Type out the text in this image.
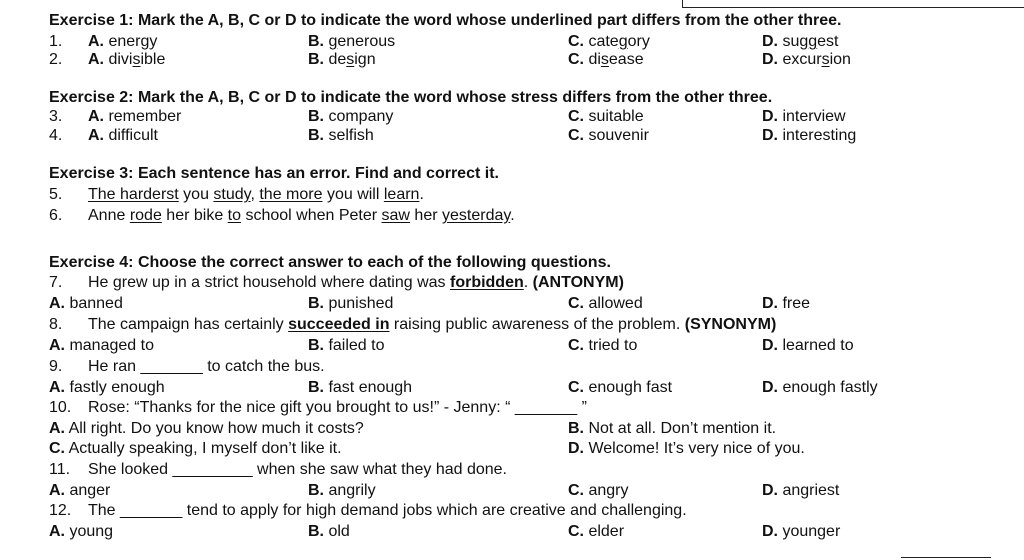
Exercise 1: Mark the A, B, C or D to indicate the word whose underlined part differs from the other three.
1. A. energy	B. generous	C. category	D. suggest
2. A. divisible	B. design	C. disease	D. excursion
Exercise 2: Mark the A, B, C or D to indicate the word whose stress differs from the other three.
3. A. remember	B. company	C. suitable	D. interview
4. A. difficult	B. selfish	C. souvenir	D. interesting
Exercise 3: Each sentence has an error. Find and correct it.
5. The harderst you study, the more you will learn.
6. Anne rode her bike to school when Peter saw her yesterday.
Exercise 4: Choose the correct answer to each of the following questions.
7. He grew up in a strict household where dating was forbidden. (ANTONYM)
A. banned	B. punished	C. allowed	D. free
8. The campaign has certainly succeeded in raising public awareness of the problem. (SYNONYM)
A. managed to	B. failed to	C. tried to	D. learned to
9. He ran _______ to catch the bus.
A. fastly enough	B. fast enough	C. enough fast	D. enough fastly
10. Rose: “Thanks for the nice gift you brought to us!” - Jenny: “ _______ ”
A. All right. Do you know how much it costs?	B. Not at all. Don’t mention it.
C. Actually speaking, I myself don’t like it.	D. Welcome! It’s very nice of you.
11. She looked _________ when she saw what they had done.
A. anger	B. angrily	C. angry	D. angriest
12. The _______ tend to apply for high demand jobs which are creative and challenging.
A. young	B. old	C. elder	D. younger
